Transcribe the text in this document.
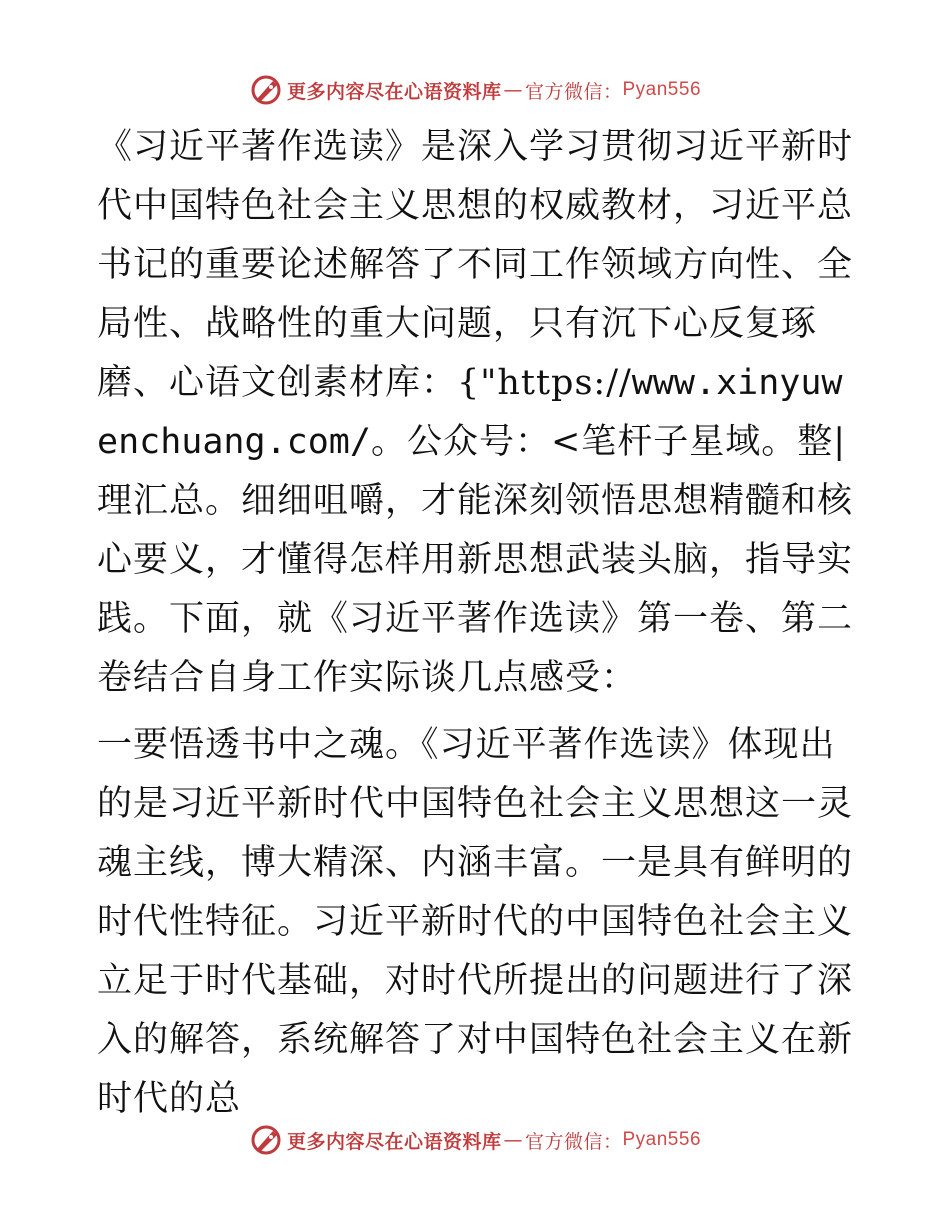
更多内容尽在心语资料库 — 官方微信： Pyan556

《习近平著作选读》是深入学习贯彻习近平新时代中国特色社会主义思想的权威教材，习近平总书记的重要论述解答了不同工作领域方向性、全局性、战略性的重大问题，只有沉下心反复琢磨、心语文创素材库：{"https://www.xinyuwenchuang.com/。公众号：<笔杆子星域。整|理汇总。细细咀嚼，才能深刻领悟思想精髓和核心要义，才懂得怎样用新思想武装头脑，指导实践。下面，就《习近平著作选读》第一卷、第二卷结合自身工作实际谈几点感受：

一要悟透书中之魂。《习近平著作选读》体现出的是习近平新时代中国特色社会主义思想这一灵魂主线，博大精深、内涵丰富。一是具有鲜明的时代性特征。习近平新时代的中国特色社会主义立足于时代基础，对时代所提出的问题进行了深入的解答，系统解答了对中国特色社会主义在新时代的总

更多内容尽在心语资料库 — 官方微信： Pyan556
